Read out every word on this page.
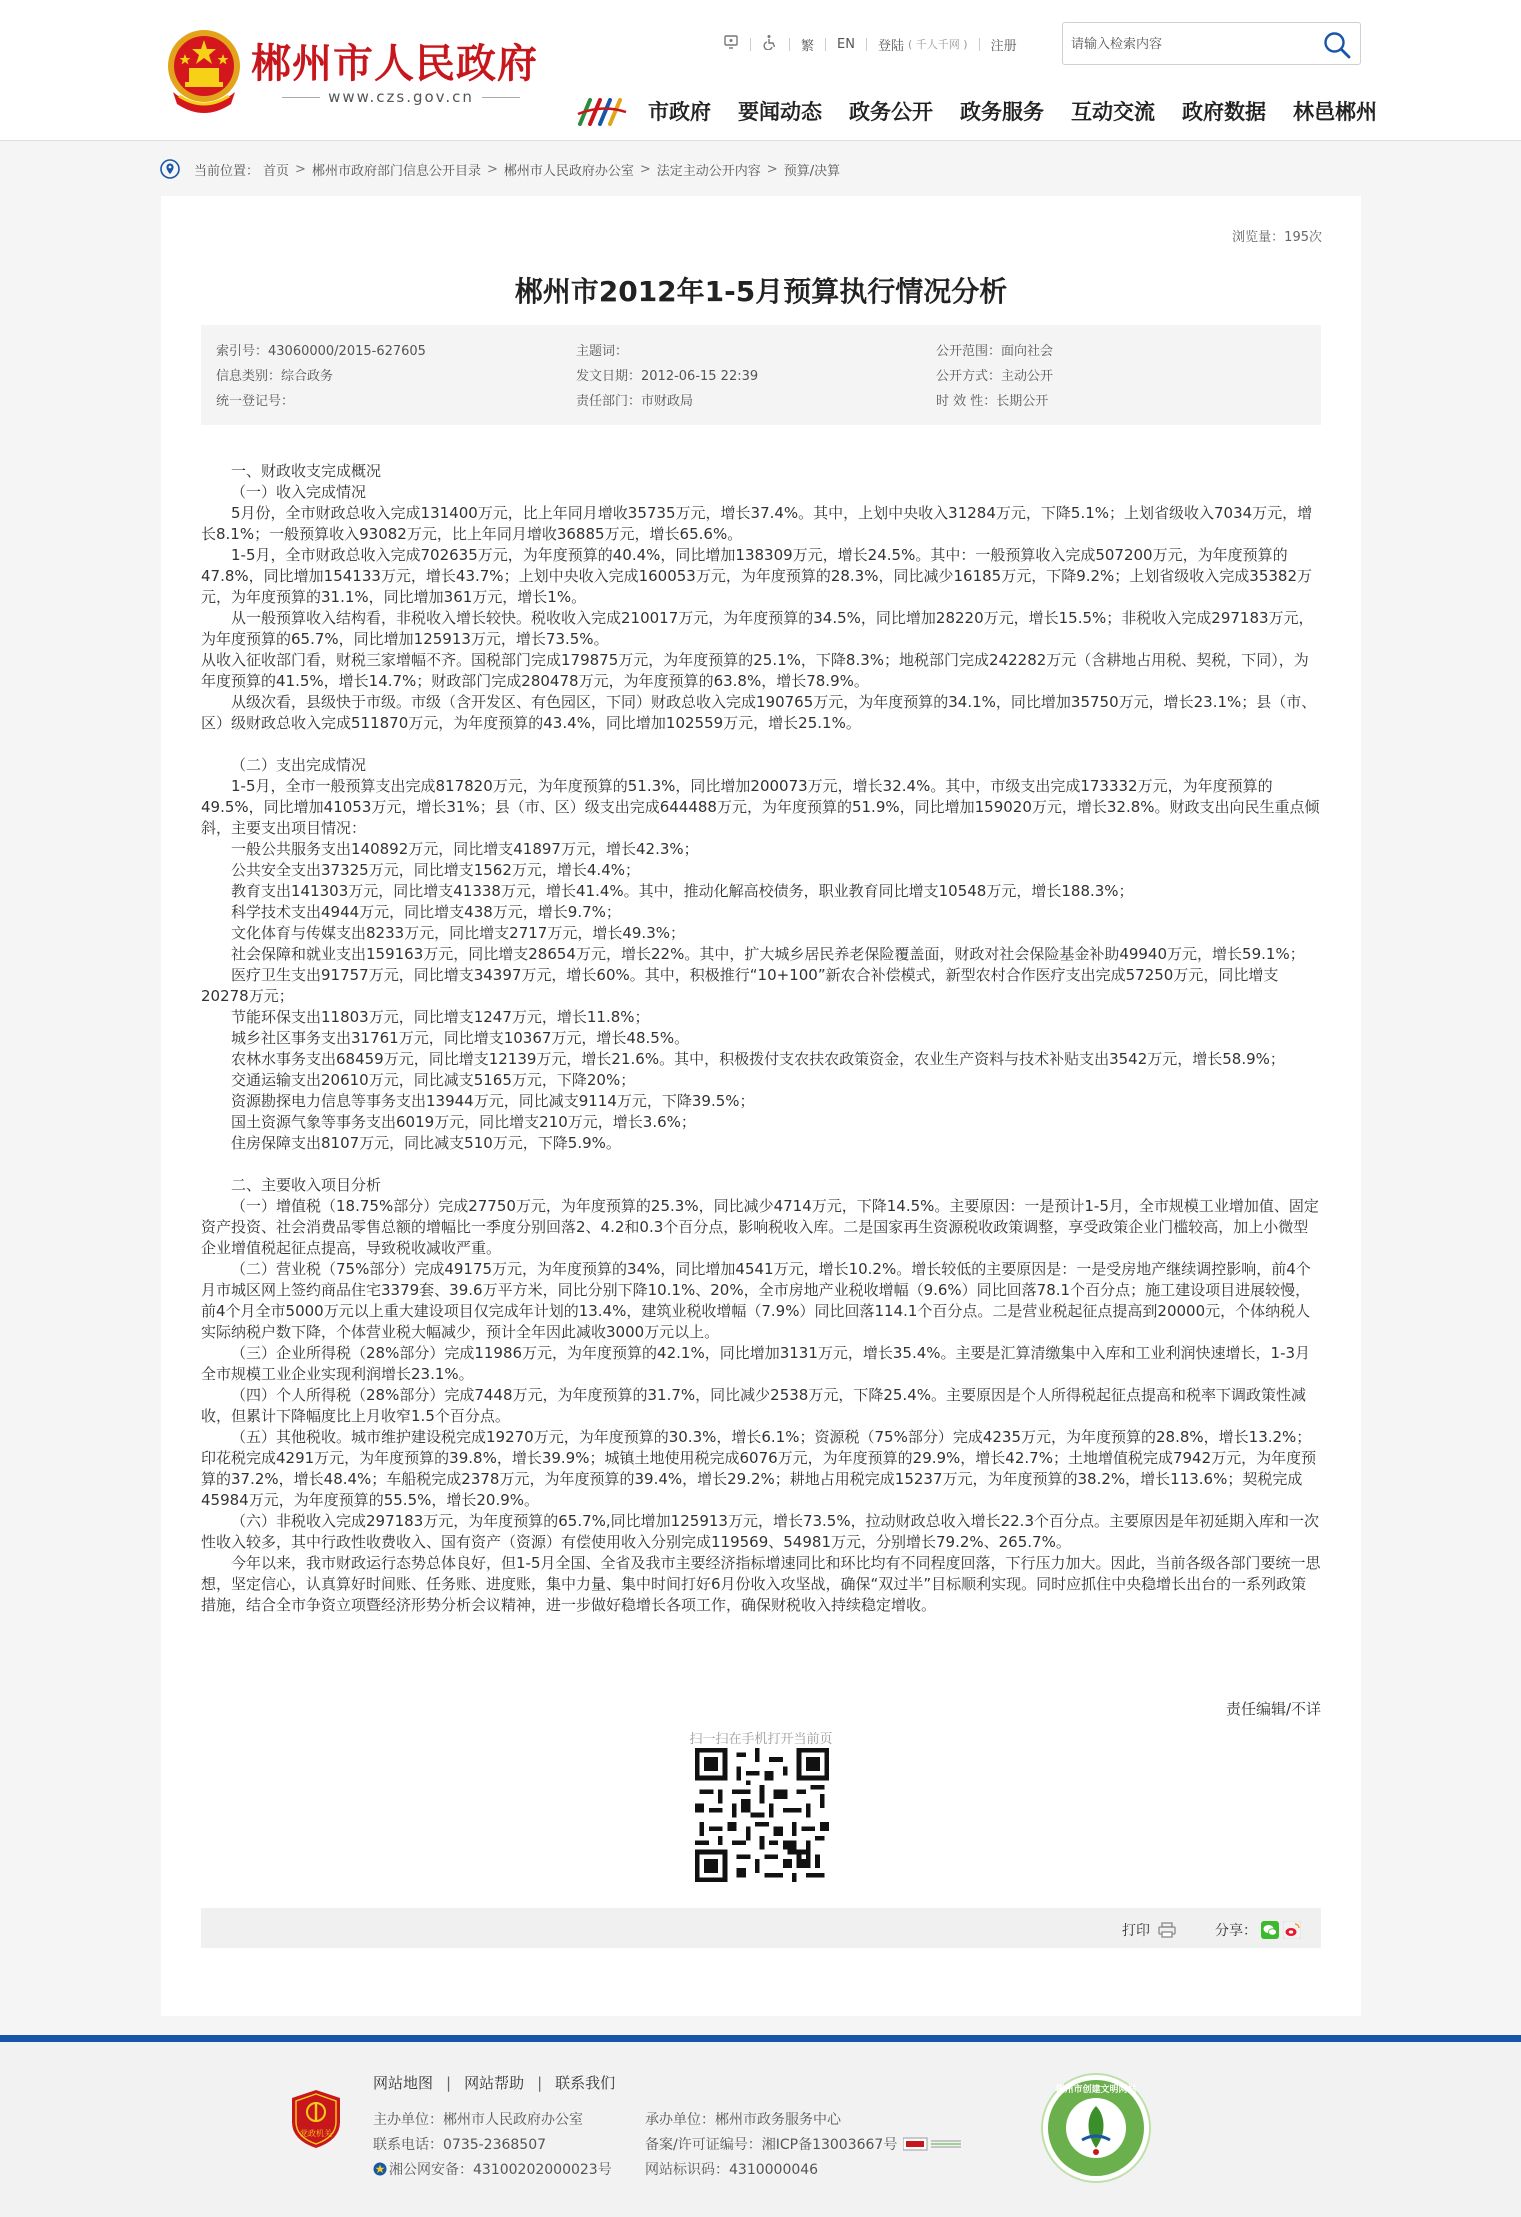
郴州市人民政府
www.czs.gov.cn
繁 EN 登陆 ( 千人千网 ) 注册
请输入检索内容
市政府 要闻动态 政务公开 政务服务 互动交流 政府数据 林邑郴州
当前位置： 首页 > 郴州市政府部门信息公开目录 > 郴州市人民政府办公室 > 法定主动公开内容 > 预算/决算
浏览量：195次
郴州市2012年1-5月预算执行情况分析
索引号：43060000/2015-627605	主题词：	公开范围：面向社会
信息类别：综合政务	发文日期：2012-06-15 22:39	公开方式：主动公开
统一登记号：	责任部门：市财政局	时 效 性：长期公开

一、财政收支完成概况

（一）收入完成情况

5月份，全市财政总收入完成131400万元，比上年同月增收35735万元，增长37.4%。其中，上划中央收入31284万元，下降5.1%；上划省级收入7034万元，增长8.1%；一般预算收入93082万元，比上年同月增收36885万元，增长65.6%。

1-5月，全市财政总收入完成702635万元，为年度预算的40.4%，同比增加138309万元，增长24.5%。其中：一般预算收入完成507200万元，为年度预算的47.8%，同比增加154133万元，增长43.7%；上划中央收入完成160053万元，为年度预算的28.3%，同比减少16185万元，下降9.2%；上划省级收入完成35382万元，为年度预算的31.1%，同比增加361万元，增长1%。

从一般预算收入结构看，非税收入增长较快。税收收入完成210017万元，为年度预算的34.5%，同比增加28220万元，增长15.5%；非税收入完成297183万元，为年度预算的65.7%，同比增加125913万元，增长73.5%。

从收入征收部门看，财税三家增幅不齐。国税部门完成179875万元，为年度预算的25.1%，下降8.3%；地税部门完成242282万元（含耕地占用税、契税，下同），为年度预算的41.5%，增长14.7%；财政部门完成280478万元，为年度预算的63.8%，增长78.9%。

从级次看，县级快于市级。市级（含开发区、有色园区，下同）财政总收入完成190765万元，为年度预算的34.1%，同比增加35750万元，增长23.1%；县（市、区）级财政总收入完成511870万元，为年度预算的43.4%，同比增加102559万元，增长25.1%。

（二）支出完成情况

1-5月，全市一般预算支出完成817820万元，为年度预算的51.3%，同比增加200073万元，增长32.4%。其中，市级支出完成173332万元，为年度预算的49.5%，同比增加41053万元，增长31%；县（市、区）级支出完成644488万元，为年度预算的51.9%，同比增加159020万元，增长32.8%。财政支出向民生重点倾斜，主要支出项目情况：

一般公共服务支出140892万元，同比增支41897万元，增长42.3%；

公共安全支出37325万元，同比增支1562万元，增长4.4%；

教育支出141303万元，同比增支41338万元，增长41.4%。其中，推动化解高校债务，职业教育同比增支10548万元，增长188.3%；

科学技术支出4944万元，同比增支438万元，增长9.7%；

文化体育与传媒支出8233万元，同比增支2717万元，增长49.3%；

社会保障和就业支出159163万元，同比增支28654万元，增长22%。其中，扩大城乡居民养老保险覆盖面，财政对社会保险基金补助49940万元，增长59.1%；

医疗卫生支出91757万元，同比增支34397万元，增长60%。其中，积极推行“10+100”新农合补偿模式，新型农村合作医疗支出完成57250万元，同比增支20278万元；

节能环保支出11803万元，同比增支1247万元，增长11.8%；

城乡社区事务支出31761万元，同比增支10367万元，增长48.5%。

农林水事务支出68459万元，同比增支12139万元，增长21.6%。其中，积极拨付支农扶农政策资金，农业生产资料与技术补贴支出3542万元，增长58.9%；

交通运输支出20610万元，同比减支5165万元，下降20%；

资源勘探电力信息等事务支出13944万元，同比减支9114万元，下降39.5%；

国土资源气象等事务支出6019万元，同比增支210万元，增长3.6%；

住房保障支出8107万元，同比减支510万元，下降5.9%。

二、主要收入项目分析

（一）增值税（18.75%部分）完成27750万元，为年度预算的25.3%，同比减少4714万元，下降14.5%。主要原因：一是预计1-5月，全市规模工业增加值、固定资产投资、社会消费品零售总额的增幅比一季度分别回落2、4.2和0.3个百分点，影响税收入库。二是国家再生资源税收政策调整，享受政策企业门槛较高，加上小微型企业增值税起征点提高，导致税收减收严重。

（二）营业税（75%部分）完成49175万元，为年度预算的34%，同比增加4541万元，增长10.2%。增长较低的主要原因是：一是受房地产继续调控影响，前4个月市城区网上签约商品住宅3379套、39.6万平方米，同比分别下降10.1%、20%，全市房地产业税收增幅（9.6%）同比回落78.1个百分点；施工建设项目进展较慢，前4个月全市5000万元以上重大建设项目仅完成年计划的13.4%，建筑业税收增幅（7.9%）同比回落114.1个百分点。二是营业税起征点提高到20000元，个体纳税人实际纳税户数下降，个体营业税大幅减少，预计全年因此减收3000万元以上。

（三）企业所得税（28%部分）完成11986万元，为年度预算的42.1%，同比增加3131万元，增长35.4%。主要是汇算清缴集中入库和工业利润快速增长，1-3月全市规模工业企业实现利润增长23.1%。

（四）个人所得税（28%部分）完成7448万元，为年度预算的31.7%，同比减少2538万元，下降25.4%。主要原因是个人所得税起征点提高和税率下调政策性减收，但累计下降幅度比上月收窄1.5个百分点。

（五）其他税收。城市维护建设税完成19270万元，为年度预算的30.3%，增长6.1%；资源税（75%部分）完成4235万元，为年度预算的28.8%，增长13.2%；印花税完成4291万元，为年度预算的39.8%，增长39.9%；城镇土地使用税完成6076万元，为年度预算的29.9%，增长42.7%；土地增值税完成7942万元，为年度预算的37.2%，增长48.4%；车船税完成2378万元，为年度预算的39.4%，增长29.2%；耕地占用税完成15237万元，为年度预算的38.2%，增长113.6%；契税完成45984万元，为年度预算的55.5%，增长20.9%。

（六）非税收入完成297183万元，为年度预算的65.7%,同比增加125913万元，增长73.5%，拉动财政总收入增长22.3个百分点。主要原因是年初延期入库和一次性收入较多，其中行政性收费收入、国有资产（资源）有偿使用收入分别完成119569、54981万元，分别增长79.2%、265.7%。

今年以来，我市财政运行态势总体良好，但1-5月全国、全省及我市主要经济指标增速同比和环比均有不同程度回落，下行压力加大。因此，当前各级各部门要统一思想，坚定信心，认真算好时间账、任务账、进度账，集中力量、集中时间打好6月份收入攻坚战，确保“双过半”目标顺利实现。同时应抓住中央稳增长出台的一系列政策措施，结合全市争资立项暨经济形势分析会议精神，进一步做好稳增长各项工作，确保财税收入持续稳定增收。

责任编辑/不详
扫一扫在手机打开当前页
打印	分享：
党政机关
网站地图 | 网站帮助 | 联系我们
主办单位：郴州市人民政府办公室	承办单位：郴州市政务服务中心
联系电话：0735-2368507	备案/许可证编号：湘ICP备13003667号
湘公网安备：43100202000023号 网站标识码：4310000046
郴州市创建文明网站
